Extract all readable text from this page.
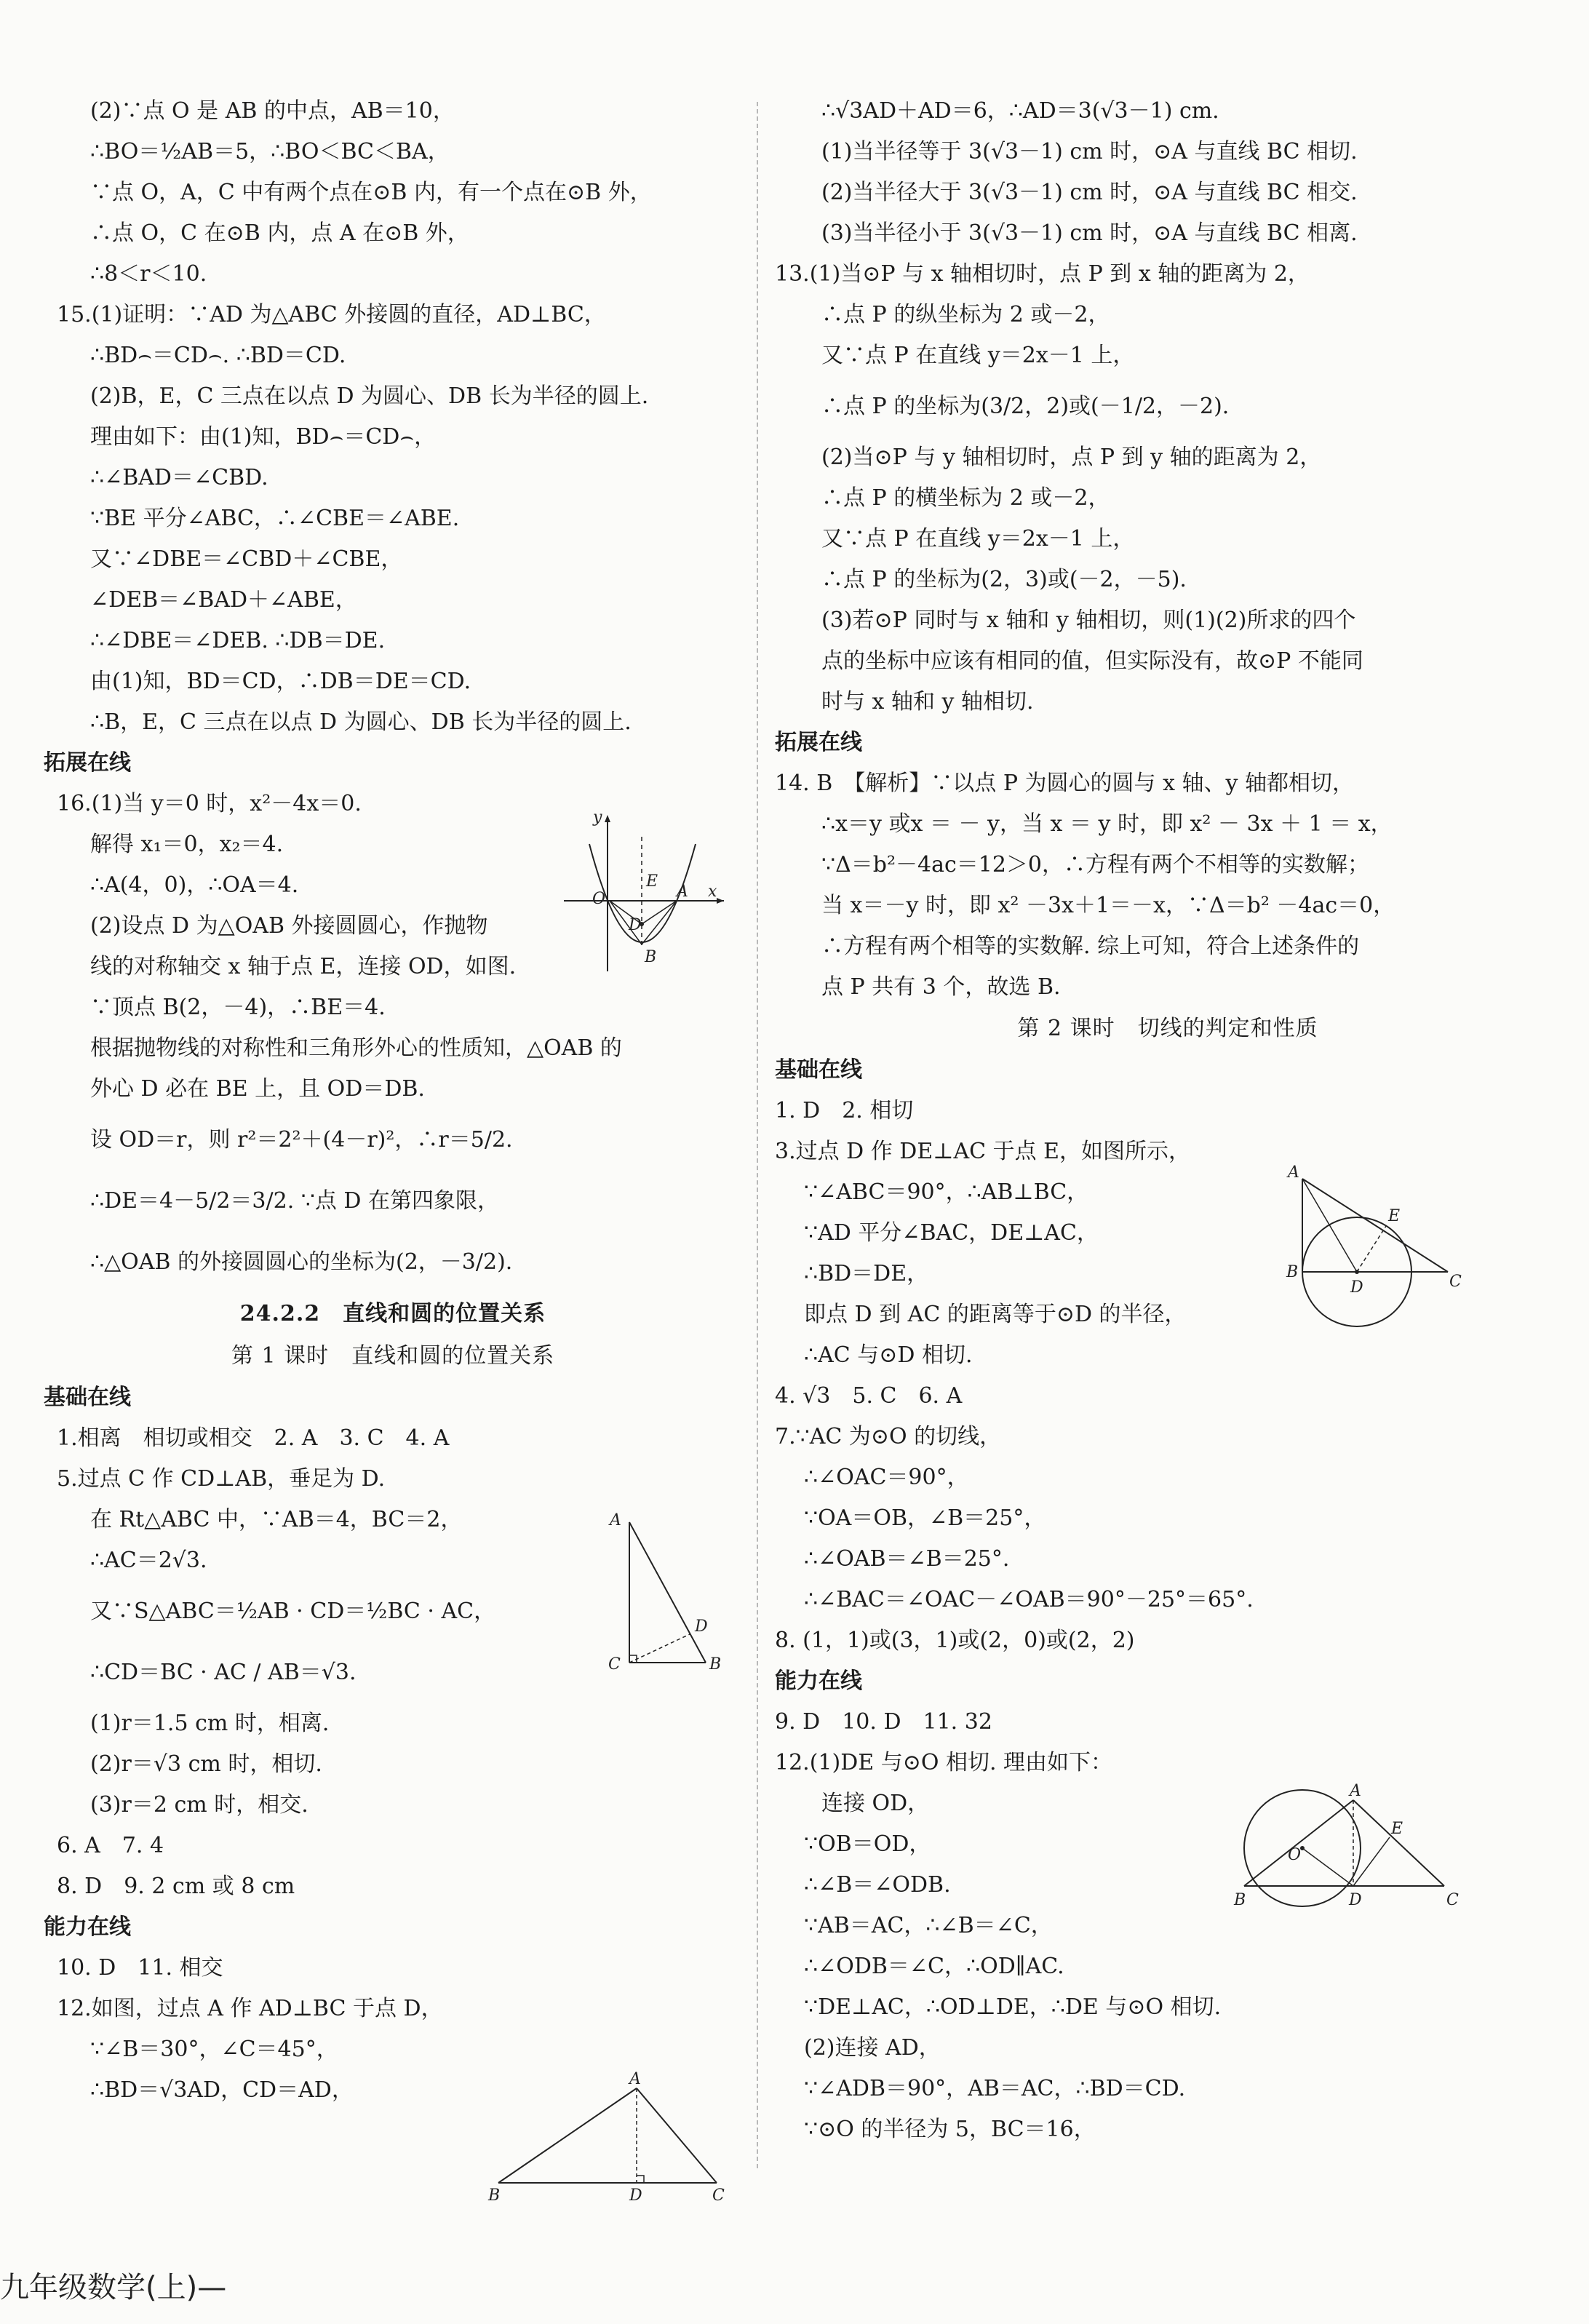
(2)∵点 O 是 AB 的中点，AB＝10，
∴BO＝½AB＝5，∴BO＜BC＜BA，
∵点 O，A，C 中有两个点在⊙B 内，有一个点在⊙B 外，
∴点 O，C 在⊙B 内，点 A 在⊙B 外，
∴8＜r＜10.
15.(1)证明：∵AD 为△ABC 外接圆的直径，AD⊥BC，
∴BD⌢＝CD⌢. ∴BD＝CD.
(2)B，E，C 三点在以点 D 为圆心、DB 长为半径的圆上.
理由如下：由(1)知，BD⌢＝CD⌢，
∴∠BAD＝∠CBD.
∵BE 平分∠ABC，∴∠CBE＝∠ABE.
又∵∠DBE＝∠CBD＋∠CBE，
∠DEB＝∠BAD＋∠ABE，
∴∠DBE＝∠DEB. ∴DB＝DE.
由(1)知，BD＝CD，∴DB＝DE＝CD.
∴B，E，C 三点在以点 D 为圆心、DB 长为半径的圆上.
拓展在线
16.(1)当 y＝0 时，x²－4x＝0.
解得 x₁＝0，x₂＝4.
∴A(4，0)，∴OA＝4.
(2)设点 D 为△OAB 外接圆圆心，作抛物
线的对称轴交 x 轴于点 E，连接 OD，如图.
∵顶点 B(2，－4)，∴BE＝4.
根据抛物线的对称性和三角形外心的性质知，△OAB 的
外心 D 必在 BE 上，且 OD＝DB.
设 OD＝r，则 r²＝2²＋(4－r)²，∴r＝5/2.
∴DE＝4－5/2＝3/2. ∵点 D 在第四象限，
∴△OAB 的外接圆圆心的坐标为(2，－3/2).
24.2.2　直线和圆的位置关系
第 1 课时　直线和圆的位置关系
基础在线
1.相离　相切或相交　2. A　3. C　4. A
5.过点 C 作 CD⊥AB，垂足为 D.
在 Rt△ABC 中，∵AB＝4，BC＝2，
∴AC＝2√3.
又∵S△ABC＝½AB · CD＝½BC · AC，
∴CD＝BC · AC / AB＝√3.
(1)r＝1.5 cm 时，相离.
(2)r＝√3 cm 时，相切.
(3)r＝2 cm 时，相交.
6. A　7. 4
8. D　9. 2 cm 或 8 cm
能力在线
10. D　11. 相交
12.如图，过点 A 作 AD⊥BC 于点 D，
∵∠B＝30°，∠C＝45°，
∴BD＝√3AD，CD＝AD，
∴√3AD＋AD＝6，∴AD＝3(√3－1) cm.
(1)当半径等于 3(√3－1) cm 时，⊙A 与直线 BC 相切.
(2)当半径大于 3(√3－1) cm 时，⊙A 与直线 BC 相交.
(3)当半径小于 3(√3－1) cm 时，⊙A 与直线 BC 相离.
13.(1)当⊙P 与 x 轴相切时，点 P 到 x 轴的距离为 2，
∴点 P 的纵坐标为 2 或－2，
又∵点 P 在直线 y＝2x－1 上，
∴点 P 的坐标为(3/2，2)或(－1/2，－2).
(2)当⊙P 与 y 轴相切时，点 P 到 y 轴的距离为 2，
∴点 P 的横坐标为 2 或－2，
又∵点 P 在直线 y＝2x－1 上，
∴点 P 的坐标为(2，3)或(－2，－5).
(3)若⊙P 同时与 x 轴和 y 轴相切，则(1)(2)所求的四个
点的坐标中应该有相同的值，但实际没有，故⊙P 不能同
时与 x 轴和 y 轴相切.
拓展在线
14. B　【解析】∵以点 P 为圆心的圆与 x 轴、y 轴都相切，
∴x＝y 或x ＝ － y，当 x ＝ y 时，即 x² － 3x ＋ 1 ＝ x，
∵Δ＝b²－4ac＝12＞0，∴方程有两个不相等的实数解；
当 x＝－y 时，即 x² －3x＋1＝－x，∵Δ＝b² －4ac＝0，
∴方程有两个相等的实数解. 综上可知，符合上述条件的
点 P 共有 3 个，故选 B.
第 2 课时　切线的判定和性质
基础在线
1. D　2. 相切
3.过点 D 作 DE⊥AC 于点 E，如图所示，
∵∠ABC＝90°，∴AB⊥BC，
∵AD 平分∠BAC，DE⊥AC，
∴BD＝DE，
即点 D 到 AC 的距离等于⊙D 的半径，
∴AC 与⊙D 相切.
4. √3　5. C　6. A
7.∵AC 为⊙O 的切线，
∴∠OAC＝90°，
∵OA＝OB，∠B＝25°，
∴∠OAB＝∠B＝25°.
∴∠BAC＝∠OAC－∠OAB＝90°－25°＝65°.
8. (1，1)或(3，1)或(2，0)或(2，2)
能力在线
9. D　10. D　11. 32
12.(1)DE 与⊙O 相切. 理由如下：
连接 OD，
∵OB＝OD，
∴∠B＝∠ODB.
∵AB＝AC，∴∠B＝∠C，
∴∠ODB＝∠C，∴OD∥AC.
∵DE⊥AC，∴OD⊥DE，∴DE 与⊙O 相切.
(2)连接 AD，
∵∠ADB＝90°，AB＝AC，∴BD＝CD.
∵⊙O 的半径为 5，BC＝16，
y
O
E
A x
D
B
A
D
C	B
A
B	D	C
A
E
B
D	C
A
E
O
B	D	C
九年级数学(上)—
